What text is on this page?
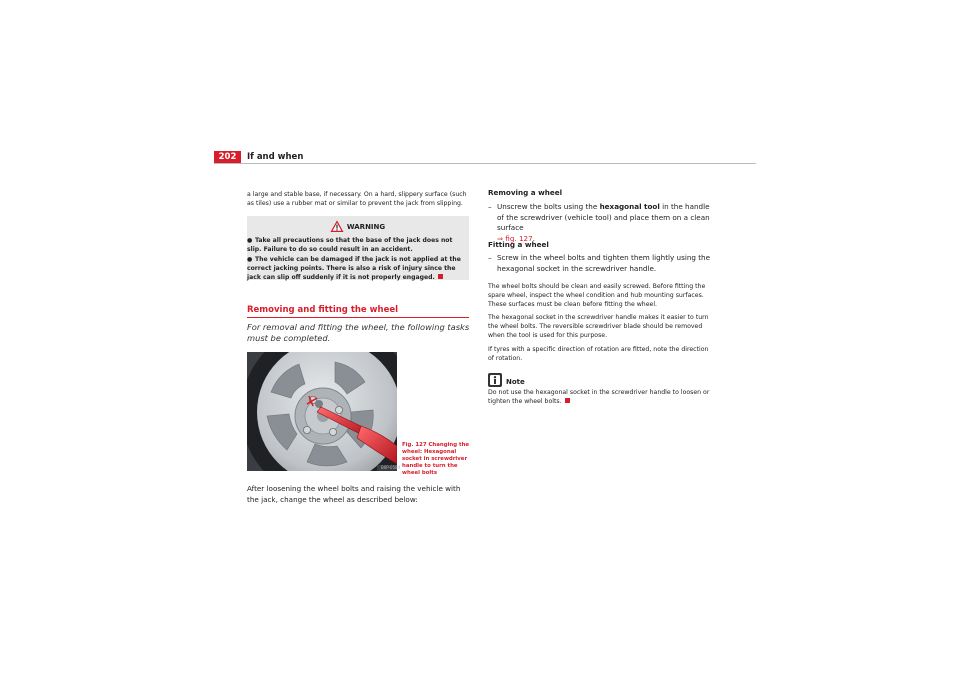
202	If and when
a large and stable base, if necessary. On a hard, slippery surface (such as tiles) use a rubber mat or similar to prevent the jack from slipping.
WARNING
● Take all precautions so that the base of the jack does not slip. Failure to do so could result in an accident.
● The vehicle can be damaged if the jack is not applied at the correct jacking points. There is also a risk of injury since the jack can slip off suddenly if it is not properly engaged.
Removing and fitting the wheel
For removal and fitting the wheel, the following tasks must be completed.
B0P-0589
Fig. 127 Changing the wheel: Hexagonal socket in screwdriver handle to turn the wheel bolts
After loosening the wheel bolts and raising the vehicle with the jack, change the wheel as described below:
Removing a wheel
– Unscrew the bolts using the hexagonal tool in the handle of the screwdriver (vehicle tool) and place them on a clean surface
⇒ fig. 127.
Fitting a wheel
– Screw in the wheel bolts and tighten them lightly using the hexagonal socket in the screwdriver handle.
The wheel bolts should be clean and easily screwed. Before fitting the spare wheel, inspect the wheel condition and hub mounting surfaces. These surfaces must be clean before fitting the wheel.
The hexagonal socket in the screwdriver handle makes it easier to turn the wheel bolts. The reversible screwdriver blade should be removed when the tool is used for this purpose.
If tyres with a specific direction of rotation are fitted, note the direction of rotation.
Note
Do not use the hexagonal socket in the screwdriver handle to loosen or tighten the wheel bolts.
